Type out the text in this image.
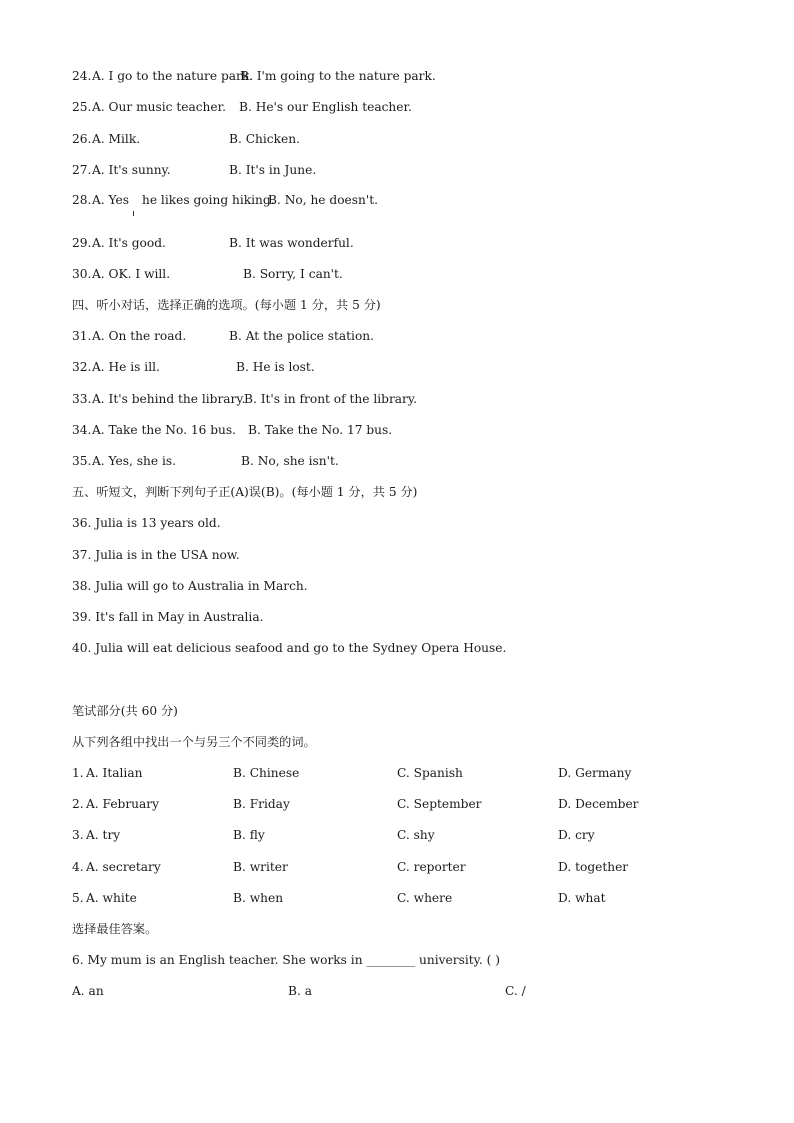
24. A. I go to the nature park.
B. I'm going to the nature park.
25. A. Our music teacher. B. He's our English teacher.
26. A. Milk.	B. Chicken.
27. A. It's sunny.	B. It's in June.
28. A. Yes he likes going hiking.
B. No, he doesn't.
29. A. It's good.	B. It was wonderful.
30. A. OK. I will.	B. Sorry, I can't.
四、听小对话，选择正确的选项。(每小题 1 分，共 5 分)
31. A. On the road.	B. At the police station.
32. A. He is ill.	B. He is lost.
33. A. It's behind the library.
B. It's in front of the library.
34. A. Take the No. 16 bus. B. Take the No. 17 bus.
35. A. Yes, she is.	B. No, she isn't.
五、听短文，判断下列句子正(A)误(B)。(每小题 1 分，共 5 分)
36. Julia is 13 years old.
37. Julia is in the USA now.
38. Julia will go to Australia in March.
39. It's fall in May in Australia.
40. Julia will eat delicious seafood and go to the Sydney Opera House.
笔试部分(共 60 分)
从下列各组中找出一个与另三个不同类的词。
1. A. Italian	B. Chinese	C. Spanish	D. Germany
2. A. February	B. Friday	C. September	D. December
3. A. try	B. fly	C. shy	D. cry
4. A. secretary	B. writer	C. reporter	D. together
5. A. white	B. when	C. where	D. what
选择最佳答案。
6. My mum is an English teacher. She works in ________ university. ( )
A. an	B. a	C. /
